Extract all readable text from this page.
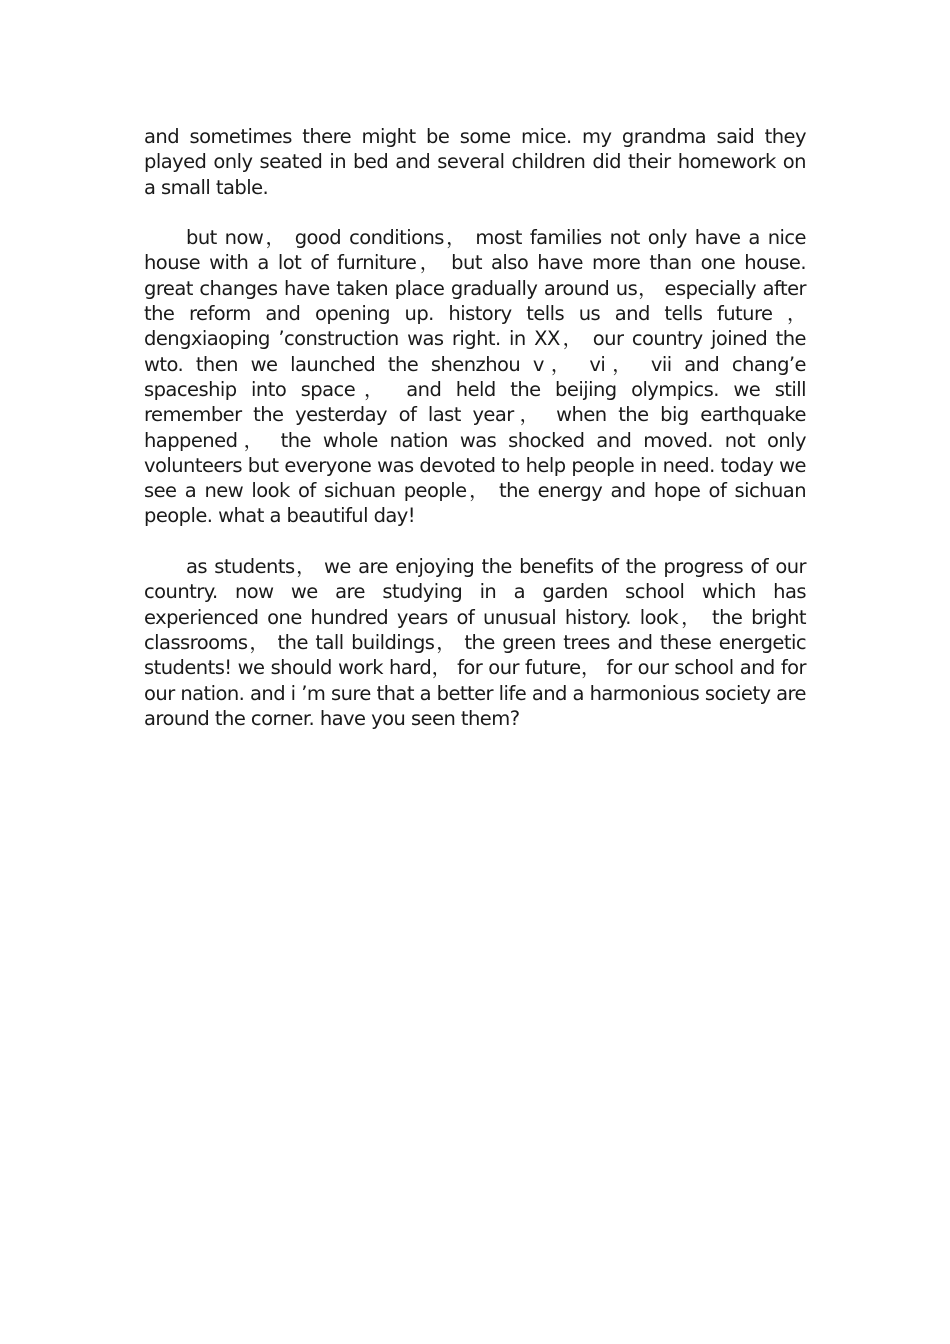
and sometimes there might be some mice. my grandma said they played only seated in bed and several children did their homework on a small table.

but now， good conditions， most families not only have a nice house with a lot of furniture， but also have more than one house. great changes have taken place gradually around us， especially after the reform and opening up. history tells us and tells future ， dengxiaoping ’construction was right. in XX， our country joined the wto. then we launched the shenzhou v， vi， vii and chang’e spaceship into space， and held the beijing olympics. we still remember the yesterday of last year， when the big earthquake happened， the whole nation was shocked and moved. not only volunteers but everyone was devoted to help people in need. today we see a new look of sichuan people， the energy and hope of sichuan people. what a beautiful day!

as students， we are enjoying the benefits of the progress of our country. now we are studying in a garden school which has experienced one hundred years of unusual history. look， the bright classrooms， the tall buildings， the green trees and these energetic students! we should work hard， for our future， for our school and for our nation. and i ’m sure that a better life and a harmonious society are around the corner. have you seen them?
